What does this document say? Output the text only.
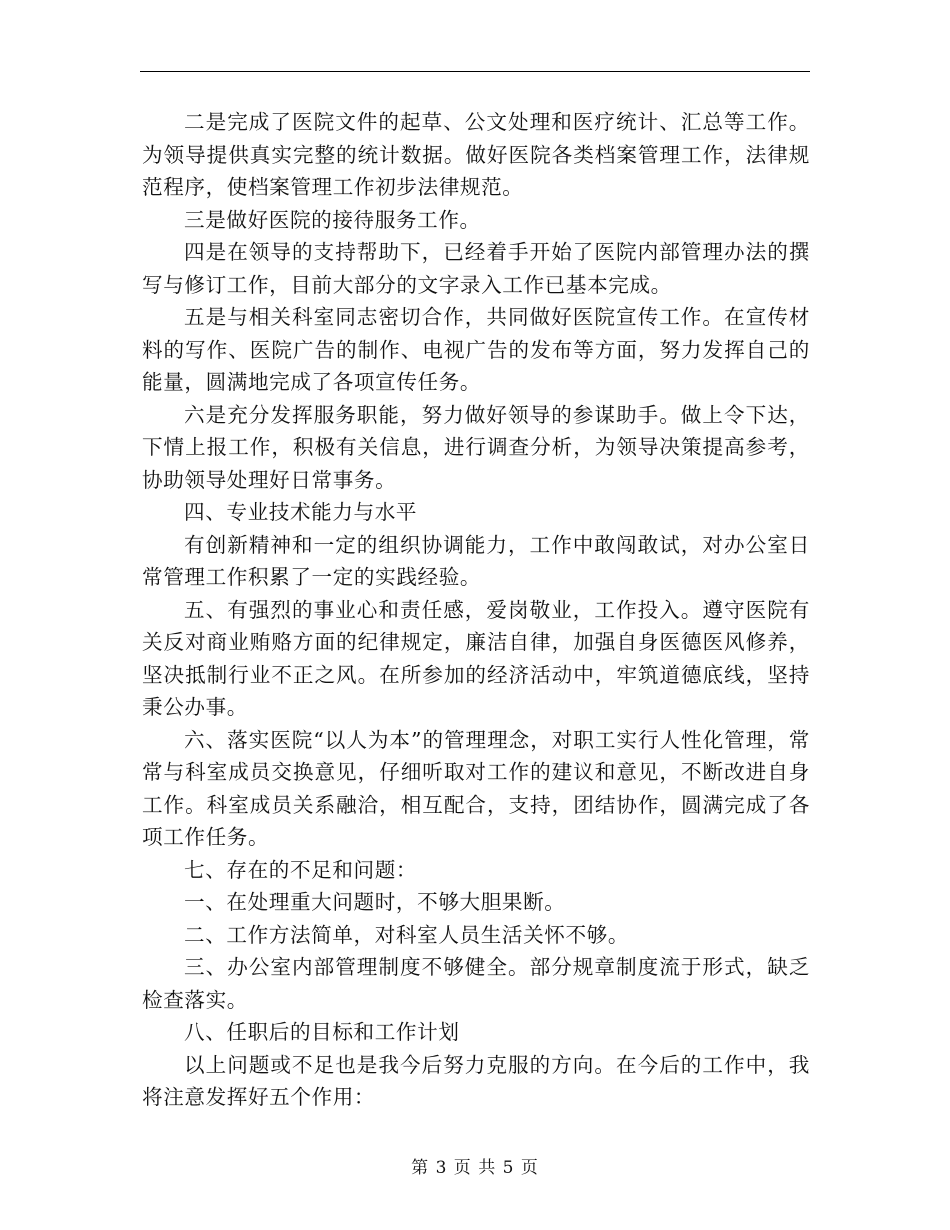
二是完成了医院文件的起草、公文处理和医疗统计、汇总等工作。为领导提供真实完整的统计数据。做好医院各类档案管理工作，法律规范程序，使档案管理工作初步法律规范。

三是做好医院的接待服务工作。

四是在领导的支持帮助下，已经着手开始了医院内部管理办法的撰写与修订工作，目前大部分的文字录入工作已基本完成。

五是与相关科室同志密切合作，共同做好医院宣传工作。在宣传材料的写作、医院广告的制作、电视广告的发布等方面，努力发挥自己的能量，圆满地完成了各项宣传任务。

六是充分发挥服务职能，努力做好领导的参谋助手。做上令下达，下情上报工作，积极有关信息，进行调查分析，为领导决策提高参考，协助领导处理好日常事务。

四、专业技术能力与水平

有创新精神和一定的组织协调能力，工作中敢闯敢试，对办公室日常管理工作积累了一定的实践经验。

五、有强烈的事业心和责任感，爱岗敬业，工作投入。遵守医院有关反对商业贿赂方面的纪律规定，廉洁自律，加强自身医德医风修养，坚决抵制行业不正之风。在所参加的经济活动中，牢筑道德底线，坚持秉公办事。

六、落实医院“以人为本”的管理理念，对职工实行人性化管理，常常与科室成员交换意见，仔细听取对工作的建议和意见，不断改进自身工作。科室成员关系融洽，相互配合，支持，团结协作，圆满完成了各项工作任务。

七、存在的不足和问题：

一、在处理重大问题时，不够大胆果断。

二、工作方法简单，对科室人员生活关怀不够。

三、办公室内部管理制度不够健全。部分规章制度流于形式，缺乏检查落实。

八、任职后的目标和工作计划

以上问题或不足也是我今后努力克服的方向。在今后的工作中，我将注意发挥好五个作用：

第 3 页 共 5 页
